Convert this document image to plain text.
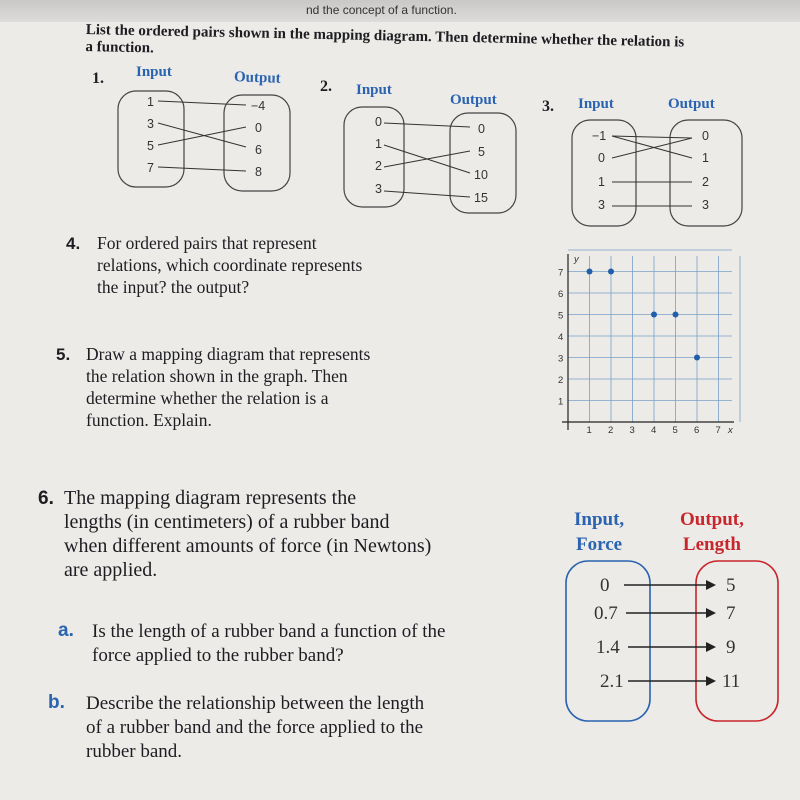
nd the concept of a function.
List the ordered pairs shown in the mapping diagram. Then determine whether the relation is a function.
1. Input	Output
1
3
5
7
−4
0
6
8
2. Input
Output
0
1
2
3
0
5
10
15
3. Input	Output
−1
0
1
3
0
1
2
3
4. For ordered pairs that represent
relations, which coordinate represents
the input? the output?
5. Draw a mapping diagram that represents
the relation shown in the graph. Then
determine whether the relation is a
function. Explain.
1 2 3 4 5 6 7
1
2
3
4
5
6
7
x
y
6. The mapping diagram represents the
lengths (in centimeters) of a rubber band
when different amounts of force (in Newtons)
are applied.
a. Is the length of a rubber band a function of the
force applied to the rubber band?
b. Describe the relationship between the length
of a rubber band and the force applied to the
rubber band.
Input,
Force
Output,
Length
0
0.7
1.4
2.1
5
7
9
11
